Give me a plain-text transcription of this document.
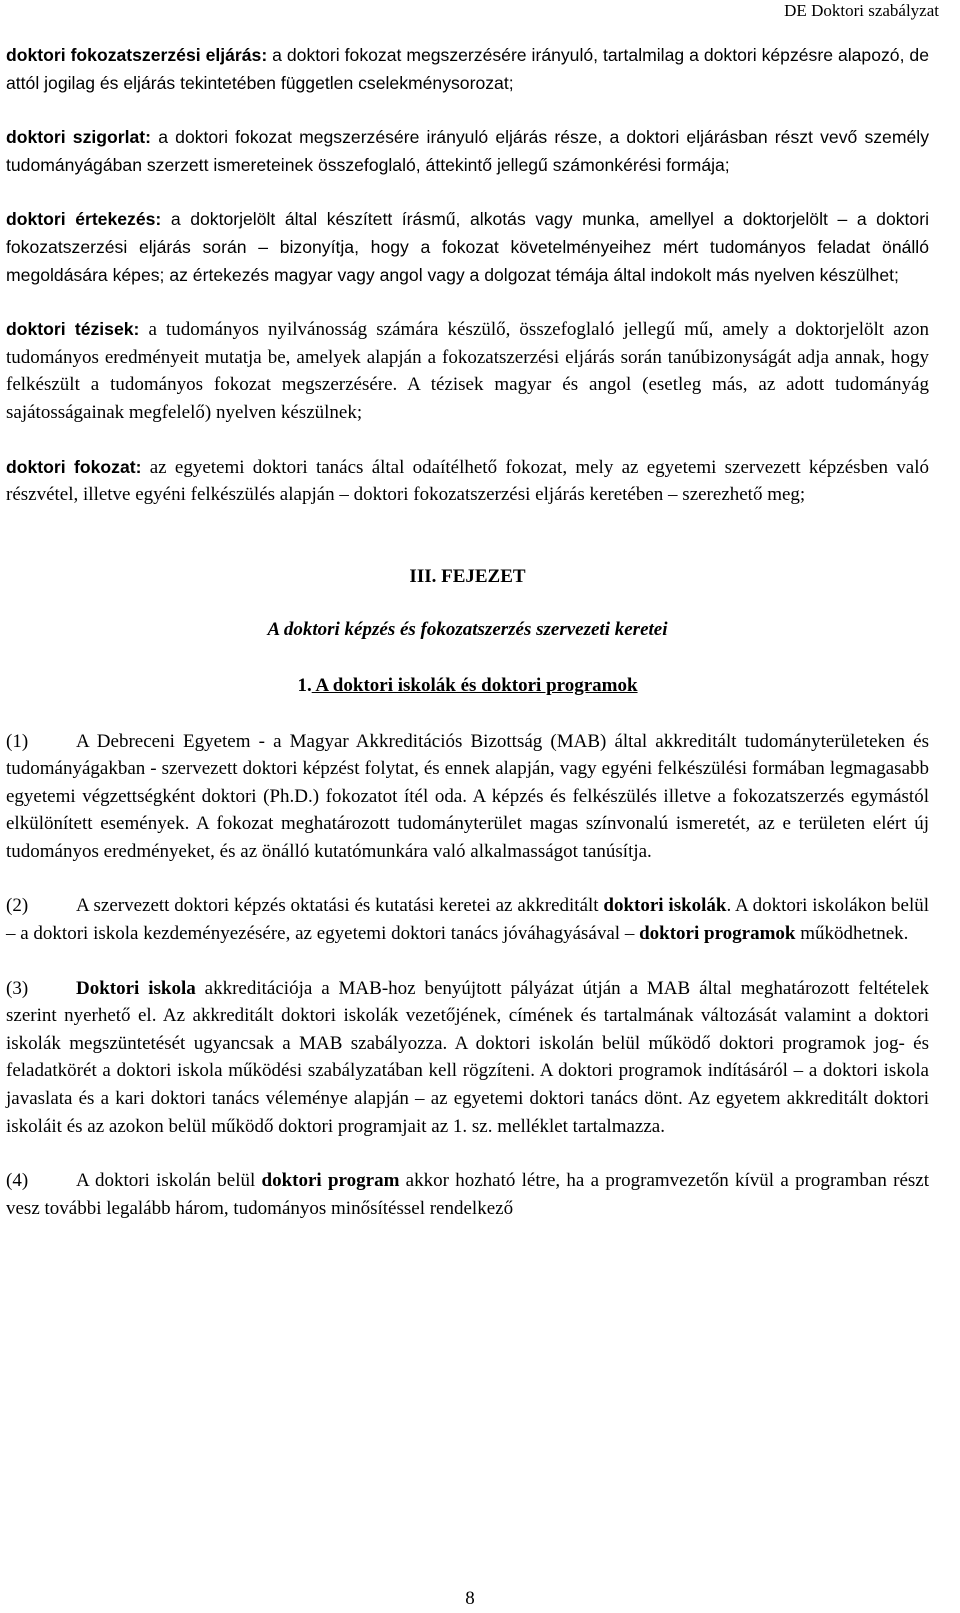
DE Doktori szabályzat

doktori fokozatszerzési eljárás: a doktori fokozat megszerzésére irányuló, tartalmilag a doktori képzésre alapozó, de attól jogilag és eljárás tekintetében független cselekménysorozat;

doktori szigorlat: a doktori fokozat megszerzésére irányuló eljárás része, a doktori eljárásban részt vevő személy tudományágában szerzett ismereteinek összefoglaló, áttekintő jellegű számonkérési formája;

doktori értekezés: a doktorjelölt által készített írásmű, alkotás vagy munka, amellyel a doktorjelölt – a doktori fokozatszerzési eljárás során – bizonyítja, hogy a fokozat követelményeihez mért tudományos feladat önálló megoldására képes; az értekezés magyar vagy angol vagy a dolgozat témája által indokolt más nyelven készülhet;

doktori tézisek: a tudományos nyilvánosság számára készülő, összefoglaló jellegű mű, amely a doktorjelölt azon tudományos eredményeit mutatja be, amelyek alapján a fokozatszerzési eljárás során tanúbizonyságát adja annak, hogy felkészült a tudományos fokozat megszerzésére. A tézisek magyar és angol (esetleg más, az adott tudományág sajátosságainak megfelelő) nyelven készülnek;

doktori fokozat: az egyetemi doktori tanács által odaítélhető fokozat, mely az egyetemi szervezett képzésben való részvétel, illetve egyéni felkészülés alapján – doktori fokozatszerzési eljárás keretében – szerezhető meg;

III. FEJEZET
A doktori képzés és fokozatszerzés szervezeti keretei
1. A doktori iskolák és doktori programok

(1)	A Debreceni Egyetem - a Magyar Akkreditációs Bizottság (MAB) által akkreditált tudományterületeken és tudományágakban - szervezett doktori képzést folytat, és ennek alapján, vagy egyéni felkészülési formában legmagasabb egyetemi végzettségként doktori (Ph.D.) fokozatot ítél oda. A képzés és felkészülés illetve a fokozatszerzés egymástól elkülönített események. A fokozat meghatározott tudományterület magas színvonalú ismeretét, az e területen elért új tudományos eredményeket, és az önálló kutatómunkára való alkalmasságot tanúsítja.

(2)	A szervezett doktori képzés oktatási és kutatási keretei az akkreditált doktori iskolák. A doktori iskolákon belül – a doktori iskola kezdeményezésére, az egyetemi doktori tanács jóváhagyásával – doktori programok működhetnek.

(3)	Doktori iskola akkreditációja a MAB-hoz benyújtott pályázat útján a MAB által meghatározott feltételek szerint nyerhető el. Az akkreditált doktori iskolák vezetőjének, címének és tartalmának változását valamint a doktori iskolák megszüntetését ugyancsak a MAB szabályozza. A doktori iskolán belül működő doktori programok jog- és feladatkörét a doktori iskola működési szabályzatában kell rögzíteni. A doktori programok indításáról – a doktori iskola javaslata és a kari doktori tanács véleménye alapján – az egyetemi doktori tanács dönt. Az egyetem akkreditált doktori iskoláit és az azokon belül működő doktori programjait az 1. sz. melléklet tartalmazza.

(4)	A doktori iskolán belül doktori program akkor hozható létre, ha a programvezetőn kívül a programban részt vesz további legalább három, tudományos minősítéssel rendelkező

8
